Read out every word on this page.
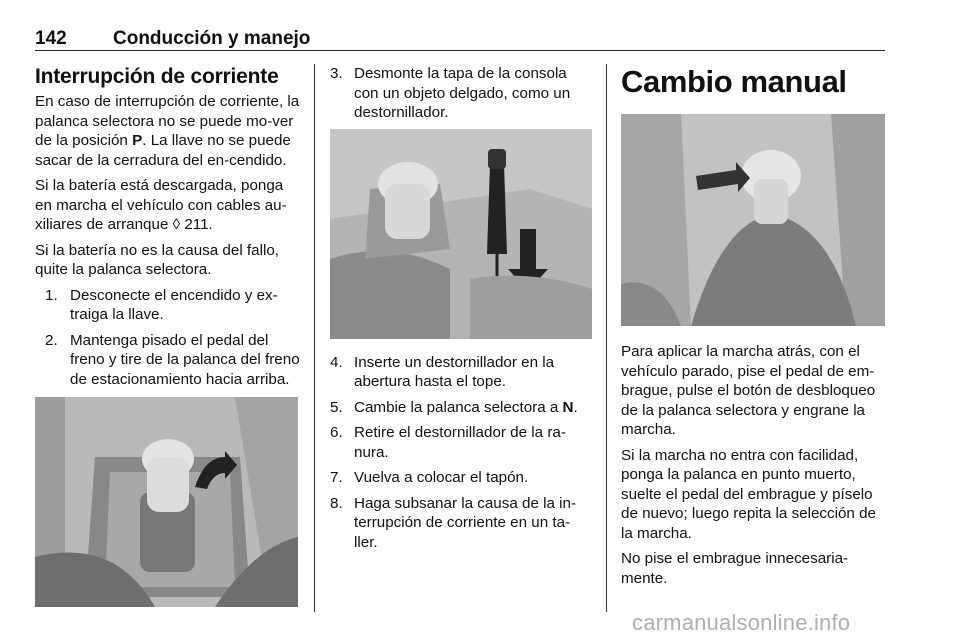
142 Conducción y manejo
Interrupción de corriente

En caso de interrupción de corriente, la palanca selectora no se puede mo-ver de la posición P. La llave no se puede sacar de la cerradura del en-cendido.

Si la batería está descargada, ponga en marcha el vehículo con cables au-xiliares de arranque ◊ 211.

Si la batería no es la causa del fallo, quite la palanca selectora.

1. Desconecte el encendido y ex-traiga la llave.
2. Mantenga pisado el pedal del freno y tire de la palanca del freno de estacionamiento hacia arriba.
3. Desmonte la tapa de la consola con un objeto delgado, como un destornillador.
4. Inserte un destornillador en la abertura hasta el tope.
5. Cambie la palanca selectora a N.
6. Retire el destornillador de la ra-nura.
7. Vuelva a colocar el tapón.
8. Haga subsanar la causa de la in-terrupción de corriente en un ta-ller.
Cambio manual

Para aplicar la marcha atrás, con el vehículo parado, pise el pedal de em-brague, pulse el botón de desbloqueo de la palanca selectora y engrane la marcha.

Si la marcha no entra con facilidad, ponga la palanca en punto muerto, suelte el pedal del embrague y píselo de nuevo; luego repita la selección de la marcha.

No pise el embrague innecesaria-mente.

carmanualsonline.info
